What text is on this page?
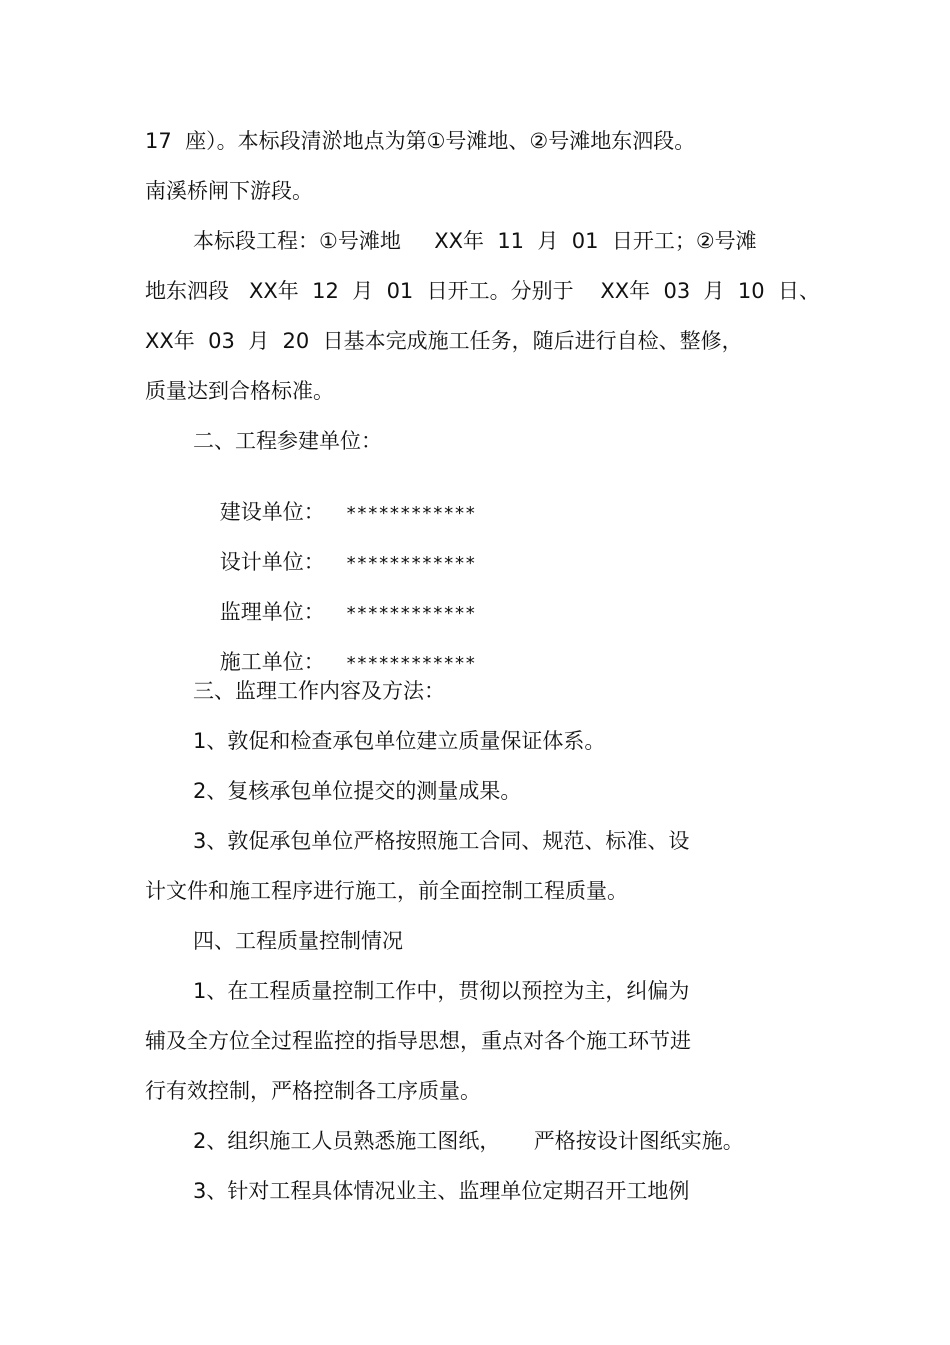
17  座）。本标段清淤地点为第①号滩地、②号滩地东泗段。
南溪桥闸下游段。
本标段工程：①号滩地     XX年  11  月  01  日开工；②号滩
地东泗段   XX年  12  月  01  日开工。分别于    XX年  03  月  10  日、
XX年  03  月  20  日基本完成施工任务，随后进行自检、整修，
质量达到合格标准。
二、工程参建单位：

建设单位： ************

设计单位： ************

监理单位： ************

施工单位： ************

三、监理工作内容及方法：
1、敦促和检查承包单位建立质量保证体系。
2、复核承包单位提交的测量成果。
3、敦促承包单位严格按照施工合同、规范、标准、设
计文件和施工程序进行施工，前全面控制工程质量。
四、工程质量控制情况
1、在工程质量控制工作中，贯彻以预控为主，纠偏为
辅及全方位全过程监控的指导思想，重点对各个施工环节进
行有效控制，严格控制各工序质量。
2、组织施工人员熟悉施工图纸，     严格按设计图纸实施。
3、针对工程具体情况业主、监理单位定期召开工地例
